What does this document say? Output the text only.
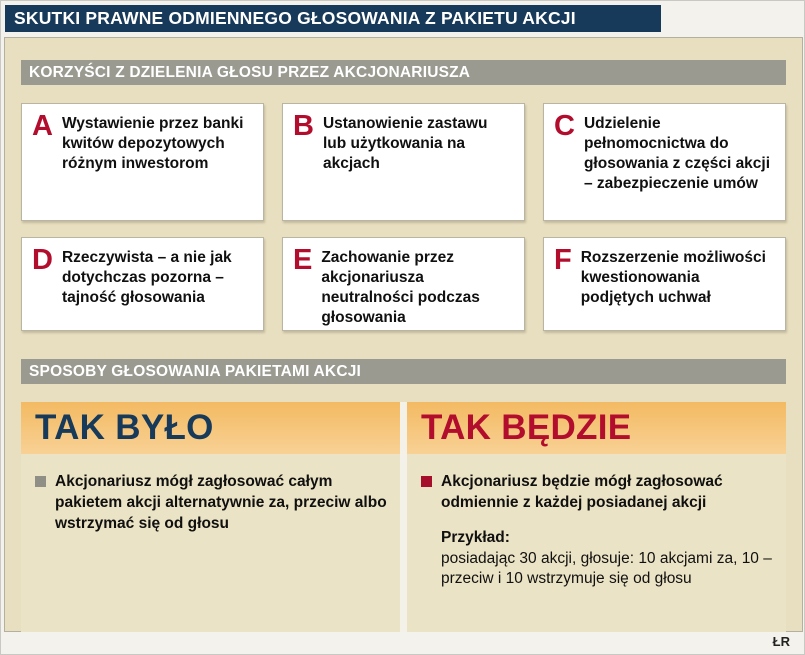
SKUTKI PRAWNE ODMIENNEGO GŁOSOWANIA Z PAKIETU AKCJI
KORZYŚCI Z DZIELENIA GŁOSU PRZEZ AKCJONARIUSZA
A Wystawienie przez banki kwitów depozytowych różnym inwestorom
B Ustanowienie zastawu lub użytkowania na akcjach
C Udzielenie pełnomocnictwa do głosowania z części akcji – zabezpieczenie umów
D Rzeczywista – a nie jak dotychczas pozorna – tajność głosowania
E Zachowanie przez akcjonariusza neutralności podczas głosowania
F Rozszerzenie możliwości kwestionowania podjętych uchwał
SPOSOBY GŁOSOWANIA PAKIETAMI AKCJI
TAK BYŁO	TAK BĘDZIE
Akcjonariusz mógł zagłosować całym pakietem akcji alternatywnie za, przeciw albo wstrzymać się od głosu
Akcjonariusz będzie mógł zagłosować odmiennie z każdej posiadanej akcji
Przykład:
posiadając 30 akcji, głosuje: 10 akcjami za, 10 – przeciw i 10 wstrzymuje się od głosu
ŁR
